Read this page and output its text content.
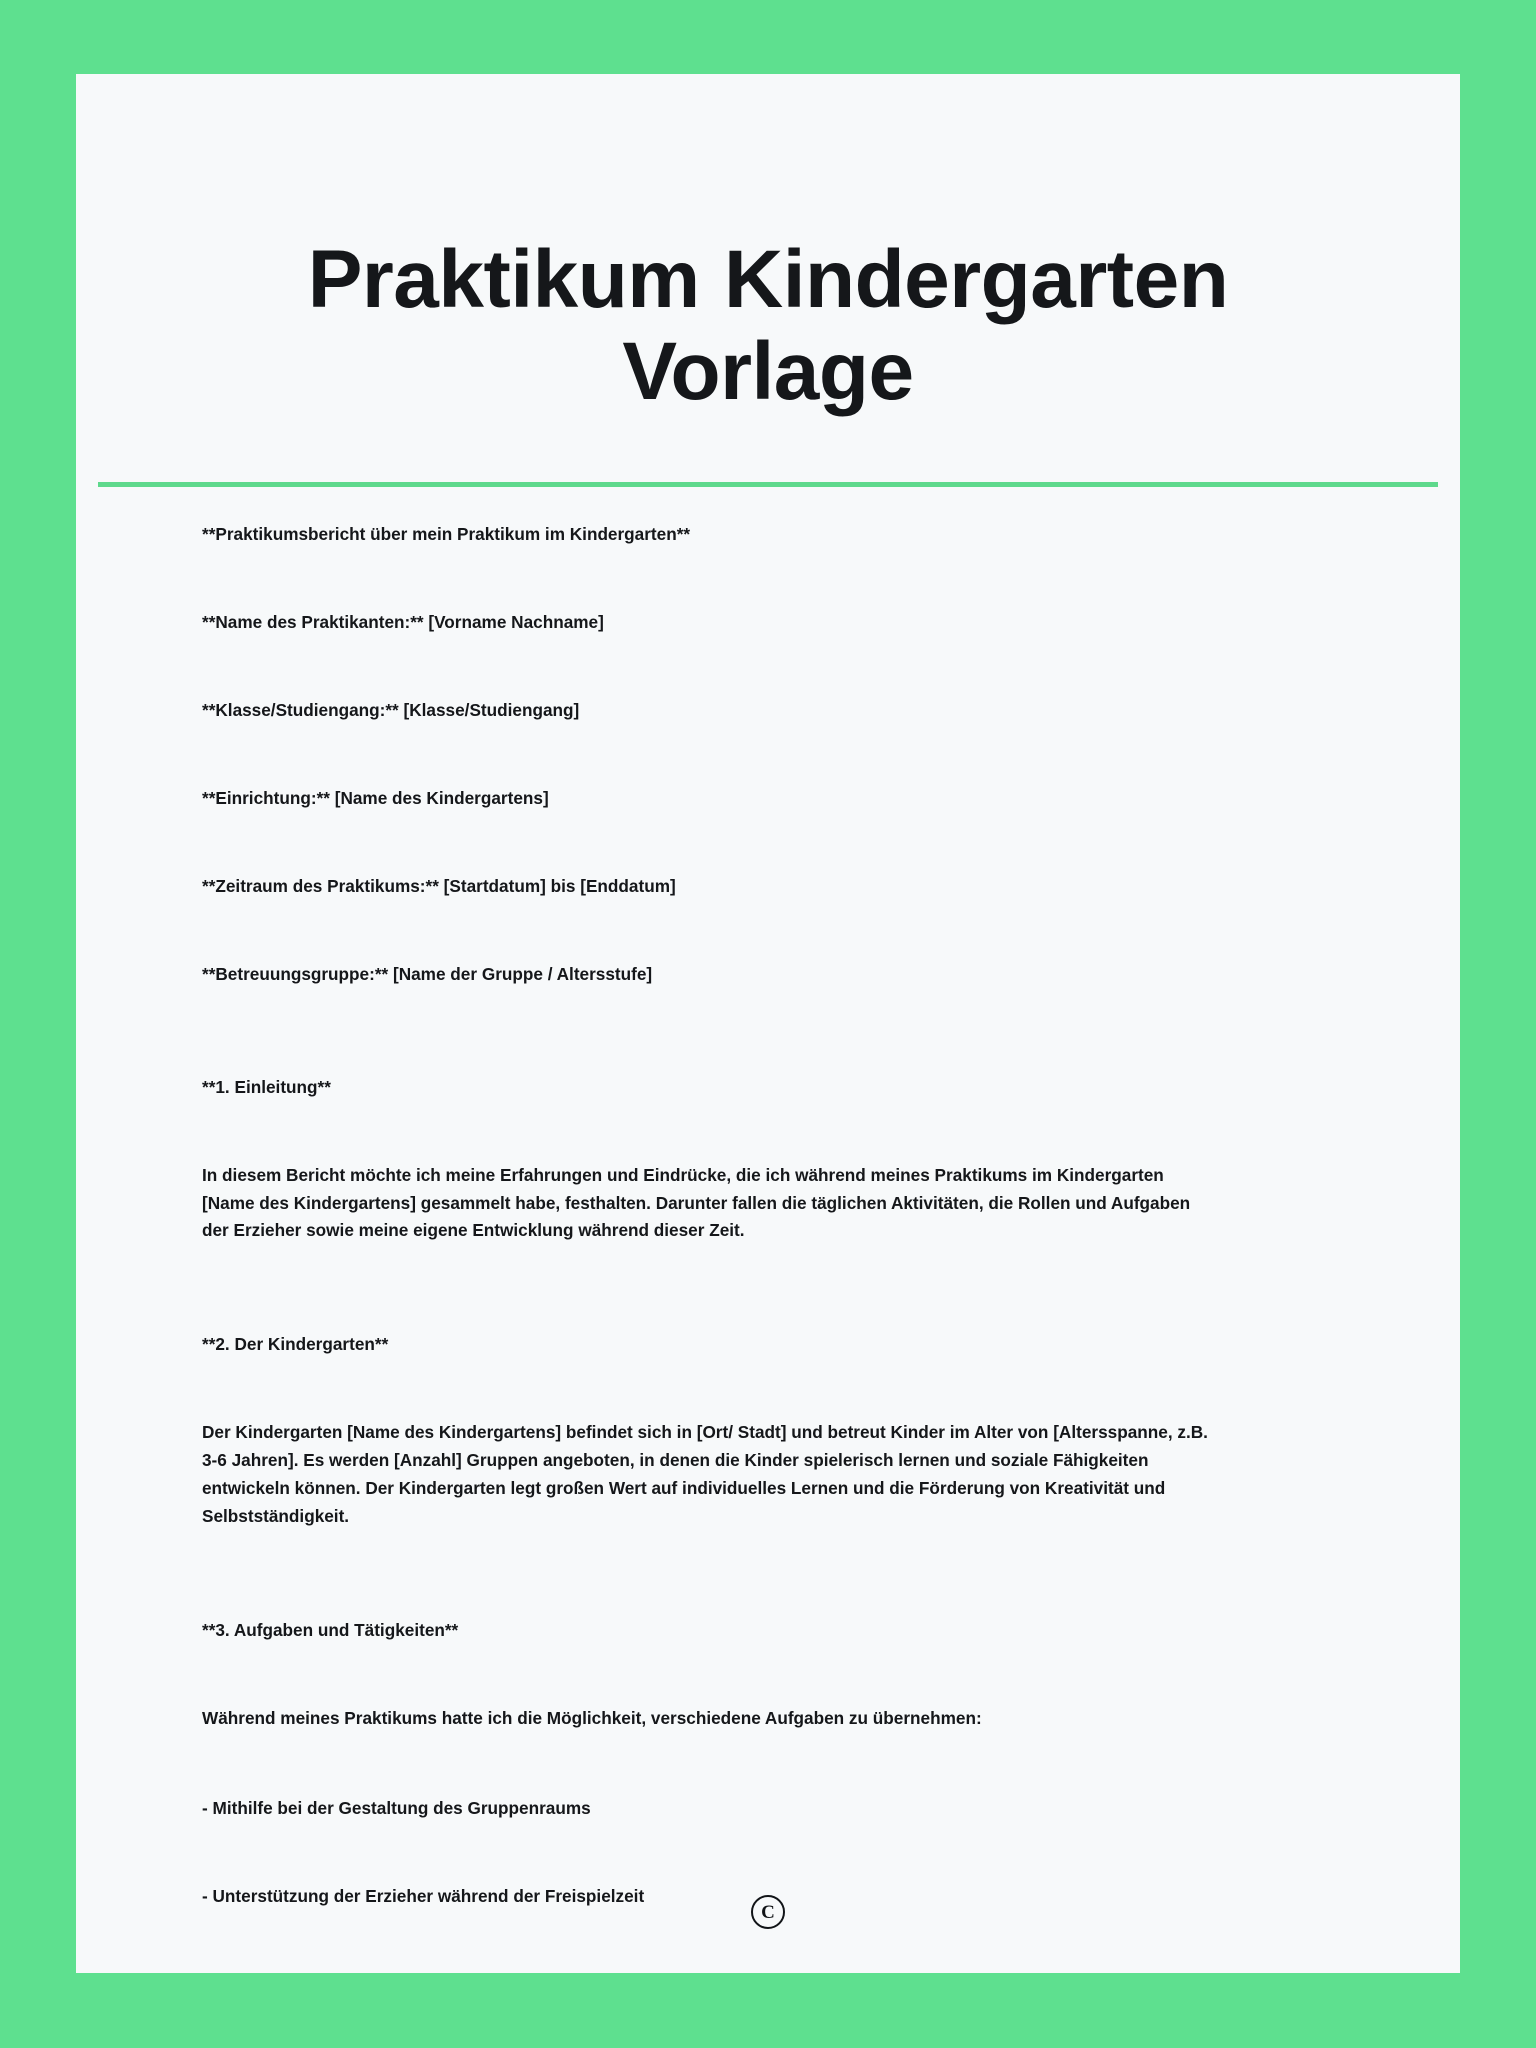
Praktikum Kindergarten Vorlage

**Praktikumsbericht über mein Praktikum im Kindergarten**

**Name des Praktikanten:** [Vorname Nachname]

**Klasse/Studiengang:** [Klasse/Studiengang]

**Einrichtung:** [Name des Kindergartens]

**Zeitraum des Praktikums:** [Startdatum] bis [Enddatum]

**Betreuungsgruppe:** [Name der Gruppe / Altersstufe]

**1. Einleitung**

In diesem Bericht möchte ich meine Erfahrungen und Eindrücke, die ich während meines Praktikums im Kindergarten [Name des Kindergartens] gesammelt habe, festhalten. Darunter fallen die täglichen Aktivitäten, die Rollen und Aufgaben der Erzieher sowie meine eigene Entwicklung während dieser Zeit.

**2. Der Kindergarten**

Der Kindergarten [Name des Kindergartens] befindet sich in [Ort/ Stadt] und betreut Kinder im Alter von [Altersspanne, z.B. 3-6 Jahren]. Es werden [Anzahl] Gruppen angeboten, in denen die Kinder spielerisch lernen und soziale Fähigkeiten entwickeln können. Der Kindergarten legt großen Wert auf individuelles Lernen und die Förderung von Kreativität und Selbstständigkeit.

**3. Aufgaben und Tätigkeiten**

Während meines Praktikums hatte ich die Möglichkeit, verschiedene Aufgaben zu übernehmen:

- Mithilfe bei der Gestaltung des Gruppenraums

- Unterstützung der Erzieher während der Freispielzeit

C
